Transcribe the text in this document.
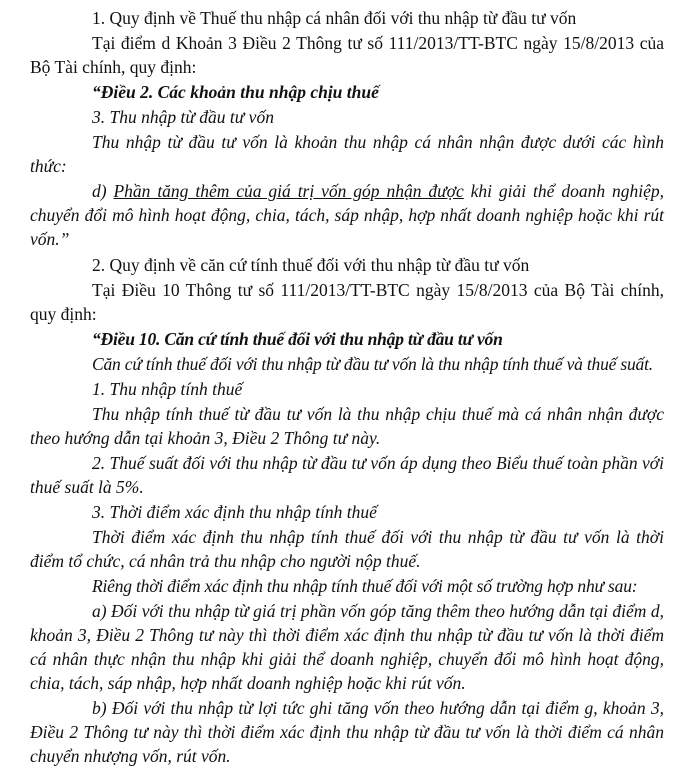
1. Quy định về Thuế thu nhập cá nhân đối với thu nhập từ đầu tư vốn

Tại điểm d Khoản 3 Điều 2 Thông tư số 111/2013/TT-BTC ngày 15/8/2013 của Bộ Tài chính, quy định:

“Điều 2. Các khoản thu nhập chịu thuế

3. Thu nhập từ đầu tư vốn

Thu nhập từ đầu tư vốn là khoản thu nhập cá nhân nhận được dưới các hình thức:

d) Phần tăng thêm của giá trị vốn góp nhận được khi giải thể doanh nghiệp, chuyển đổi mô hình hoạt động, chia, tách, sáp nhập, hợp nhất doanh nghiệp hoặc khi rút vốn.”

2. Quy định về căn cứ tính thuế đối với thu nhập từ đầu tư vốn

Tại Điều 10 Thông tư số 111/2013/TT-BTC ngày 15/8/2013 của Bộ Tài chính, quy định:

“Điều 10. Căn cứ tính thuế đối với thu nhập từ đầu tư vốn

Căn cứ tính thuế đối với thu nhập từ đầu tư vốn là thu nhập tính thuế và thuế suất.

1. Thu nhập tính thuế

Thu nhập tính thuế từ đầu tư vốn là thu nhập chịu thuế mà cá nhân nhận được theo hướng dẫn tại khoản 3, Điều 2 Thông tư này.

2. Thuế suất đối với thu nhập từ đầu tư vốn áp dụng theo Biểu thuế toàn phần với thuế suất là 5%.

3. Thời điểm xác định thu nhập tính thuế

Thời điểm xác định thu nhập tính thuế đối với thu nhập từ đầu tư vốn là thời điểm tổ chức, cá nhân trả thu nhập cho người nộp thuế.

Riêng thời điểm xác định thu nhập tính thuế đối với một số trường hợp như sau:

a) Đối với thu nhập từ giá trị phần vốn góp tăng thêm theo hướng dẫn tại điểm d, khoản 3, Điều 2 Thông tư này thì thời điểm xác định thu nhập từ đầu tư vốn là thời điểm cá nhân thực nhận thu nhập khi giải thể doanh nghiệp, chuyển đổi mô hình hoạt động, chia, tách, sáp nhập, hợp nhất doanh nghiệp hoặc khi rút vốn.

b) Đối với thu nhập từ lợi tức ghi tăng vốn theo hướng dẫn tại điểm g, khoản 3, Điều 2 Thông tư này thì thời điểm xác định thu nhập từ đầu tư vốn là thời điểm cá nhân chuyển nhượng vốn, rút vốn.
